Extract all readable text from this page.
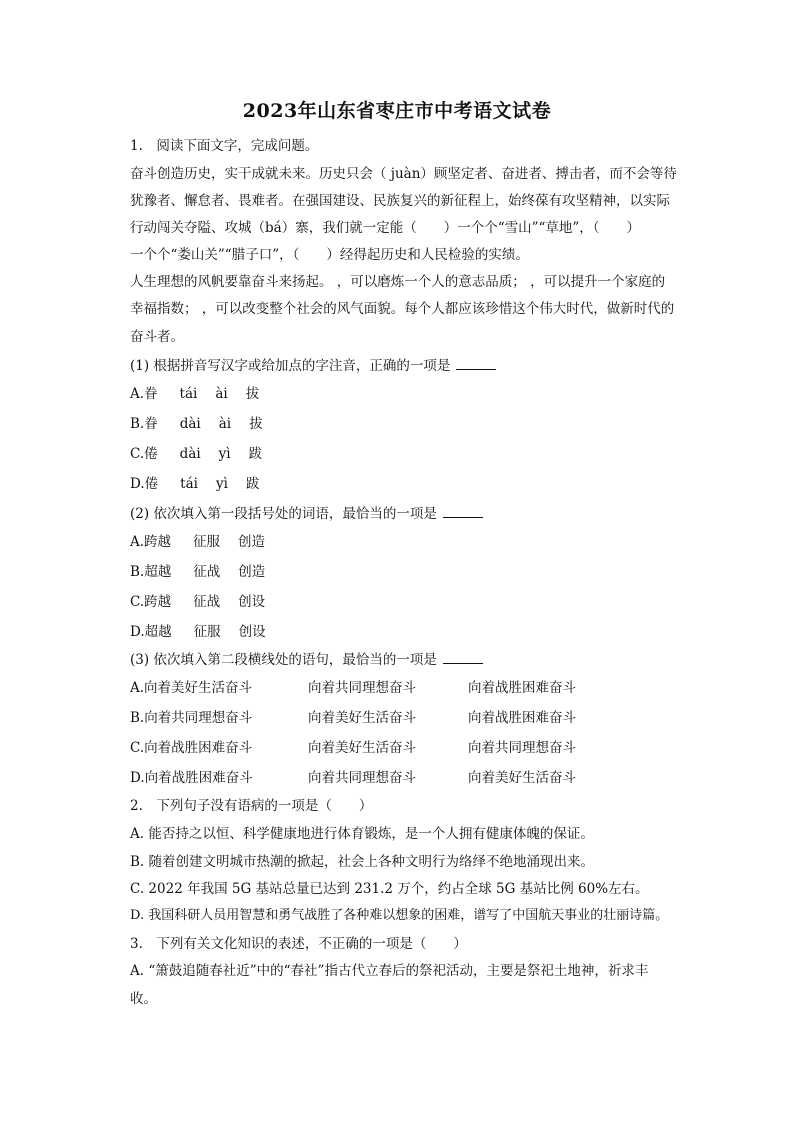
2023年山东省枣庄市中考语文试卷
1.　阅读下面文字，完成问题。
奋斗创造历史，实干成就未来。历史只会（ juàn）顾坚定者、奋进者、搏击者，而不会等待
犹豫者、懈怠者、畏难者。在强国建设、民族复兴的新征程上，始终葆有攻坚精神，以实际
行动闯关夺隘、攻城（bá）寨，我们就一定能（　　）一个个“雪山”“草地”，（　　）
一个个“娄山关”“腊子口”，（　　）经得起历史和人民检验的实绩。
人生理想的风帆要靠奋斗来扬起。 ，可以磨炼一个人的意志品质； ，可以提升一个家庭的
幸福指数； ，可以改变整个社会的风气面貌。每个人都应该珍惜这个伟大时代，做新时代的
奋斗者。
(1) 根据拼音写汉字或给加点的字注音，正确的一项是
A.眷 tái ài 拔
B.眷 dài ài 拔
C.倦 dài yì 跋
D.倦 tái yì 跋
(2) 依次填入第一段括号处的词语，最恰当的一项是
A.跨越 征服 创造
B.超越 征战 创造
C.跨越 征战 创设
D.超越 征服 创设
(3) 依次填入第二段横线处的语句，最恰当的一项是
A.向着美好生活奋斗	向着共同理想奋斗	向着战胜困难奋斗
B.向着共同理想奋斗	向着美好生活奋斗	向着战胜困难奋斗
C.向着战胜困难奋斗	向着美好生活奋斗	向着共同理想奋斗
D.向着战胜困难奋斗	向着共同理想奋斗	向着美好生活奋斗
2.　下列句子没有语病的一项是（　　）
A. 能否持之以恒、科学健康地进行体育锻炼，是一个人拥有健康体魄的保证。
B. 随着创建文明城市热潮的掀起，社会上各种文明行为络绎不绝地涌现出来。
C. 2022 年我国 5G 基站总量已达到 231.2 万个，约占全球 5G 基站比例 60%左右。
D. 我国科研人员用智慧和勇气战胜了各种难以想象的困难，谱写了中国航天事业的壮丽诗篇。
3.　下列有关文化知识的表述，不正确的一项是（　　）
A. “箫鼓追随春社近”中的“春社”指古代立春后的祭祀活动，主要是祭祀土地神，祈求丰
收。
